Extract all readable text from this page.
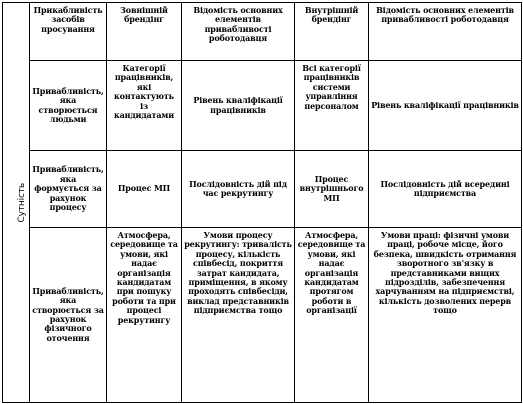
Сутність	Прикабливість засобів просування	Зовнішній брендінг	Відомість основних елементів привабливості роботодавця	Внутрішній брендінг	Відомість основних елементів привабливості роботодавця
	Привабливість, яка створюється людьми	Категорії працівників, які контактують із кандидатами	Рівень кваліфікації працівників	Всі категорії працівників системи управління персоналом	Рівень кваліфікації працівників
	Привабливість, яка формується за рахунок процесу	Процес МП	Послідовність дій під час рекрутингу	Процес внутрішнього МП	Послідовність дій всередині підприємства
	Привабливість, яка створюється за рахунок фізичного оточення	Атмосфера, середовище та умови, які надає організація кандидатам при пошуку роботи та при процесі рекрутингу	Умови процесу рекрутингу: тривалість процесу, кількість співбесід, покриття затрат кандидата, приміщення, в якому проходять співбесіди, виклад представників підприємства тощо	Атмосфера, середовище та умови, які надає організація кандидатам протягом роботи в організації	Умови праці: фізичні умови праці, робоче місце, його безпека, швидкість отримання зворотного зв'язку в представниками вищих підрозділів, забезпечення харчуванням на підприємстві, кількість дозволених перерв тощо
